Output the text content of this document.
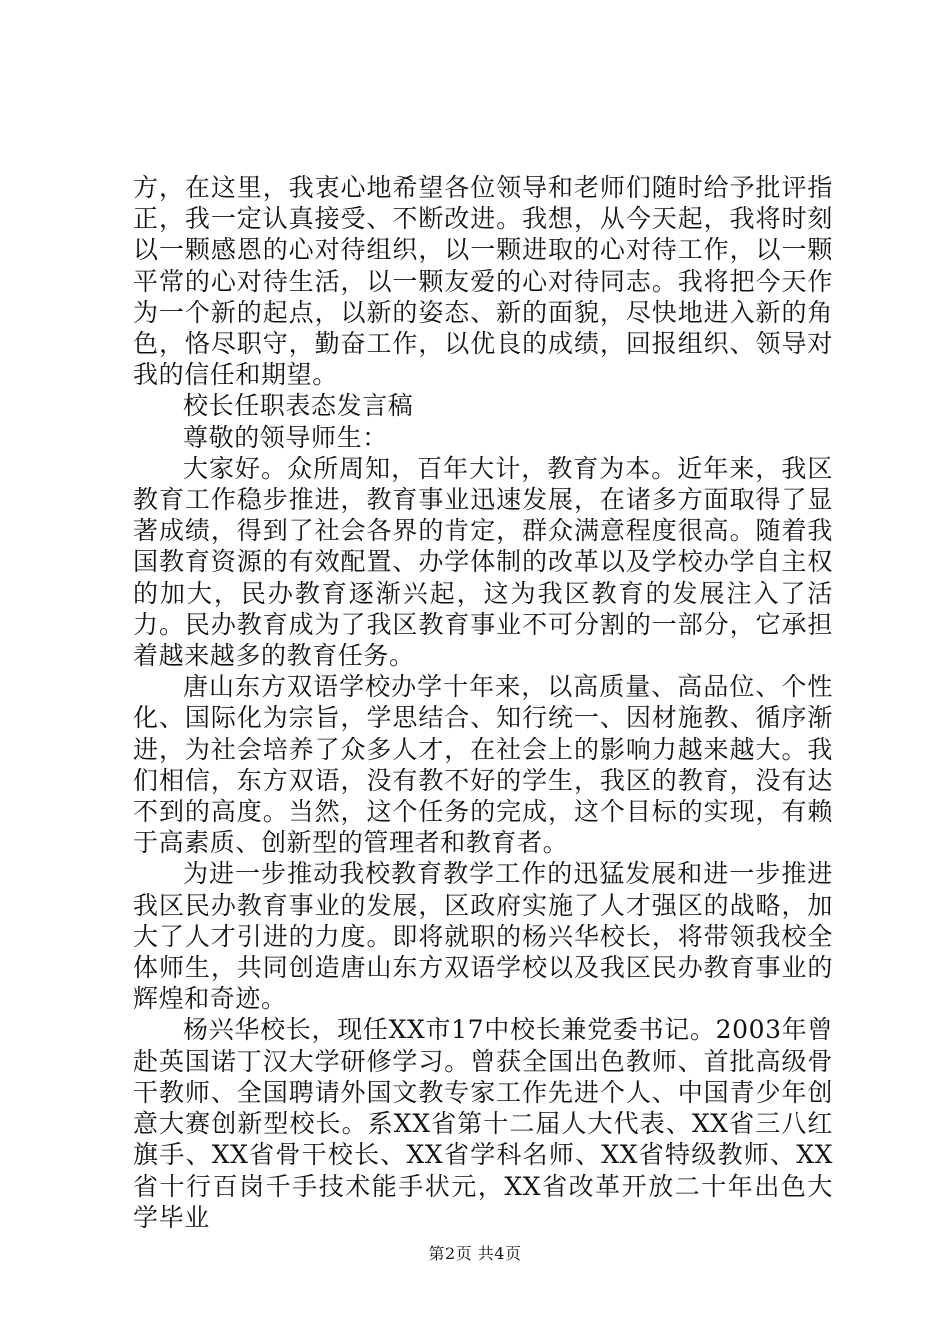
方，在这里，我衷心地希望各位领导和老师们随时给予批评指正，我一定认真接受、不断改进。我想，从今天起，我将时刻以一颗感恩的心对待组织，以一颗进取的心对待工作，以一颗平常的心对待生活，以一颗友爱的心对待同志。我将把今天作为一个新的起点，以新的姿态、新的面貌，尽快地进入新的角色，恪尽职守，勤奋工作，以优良的成绩，回报组织、领导对我的信任和期望。

校长任职表态发言稿

尊敬的领导师生：

大家好。众所周知，百年大计，教育为本。近年来，我区教育工作稳步推进，教育事业迅速发展，在诸多方面取得了显著成绩，得到了社会各界的肯定，群众满意程度很高。随着我国教育资源的有效配置、办学体制的改革以及学校办学自主权的加大，民办教育逐渐兴起，这为我区教育的发展注入了活力。民办教育成为了我区教育事业不可分割的一部分，它承担着越来越多的教育任务。

唐山东方双语学校办学十年来，以高质量、高品位、个性化、国际化为宗旨，学思结合、知行统一、因材施教、循序渐进，为社会培养了众多人才，在社会上的影响力越来越大。我们相信，东方双语，没有教不好的学生，我区的教育，没有达不到的高度。当然，这个任务的完成，这个目标的实现，有赖于高素质、创新型的管理者和教育者。

为进一步推动我校教育教学工作的迅猛发展和进一步推进我区民办教育事业的发展，区政府实施了人才强区的战略，加大了人才引进的力度。即将就职的杨兴华校长，将带领我校全体师生，共同创造唐山东方双语学校以及我区民办教育事业的辉煌和奇迹。

杨兴华校长，现任XX市17中校长兼党委书记。2003年曾赴英国诺丁汉大学研修学习。曾获全国出色教师、首批高级骨干教师、全国聘请外国文教专家工作先进个人、中国青少年创意大赛创新型校长。系XX省第十二届人大代表、XX省三八红旗手、XX省骨干校长、XX省学科名师、XX省特级教师、XX省十行百岗千手技术能手状元，XX省改革开放二十年出色大学毕业

第2页 共4页
